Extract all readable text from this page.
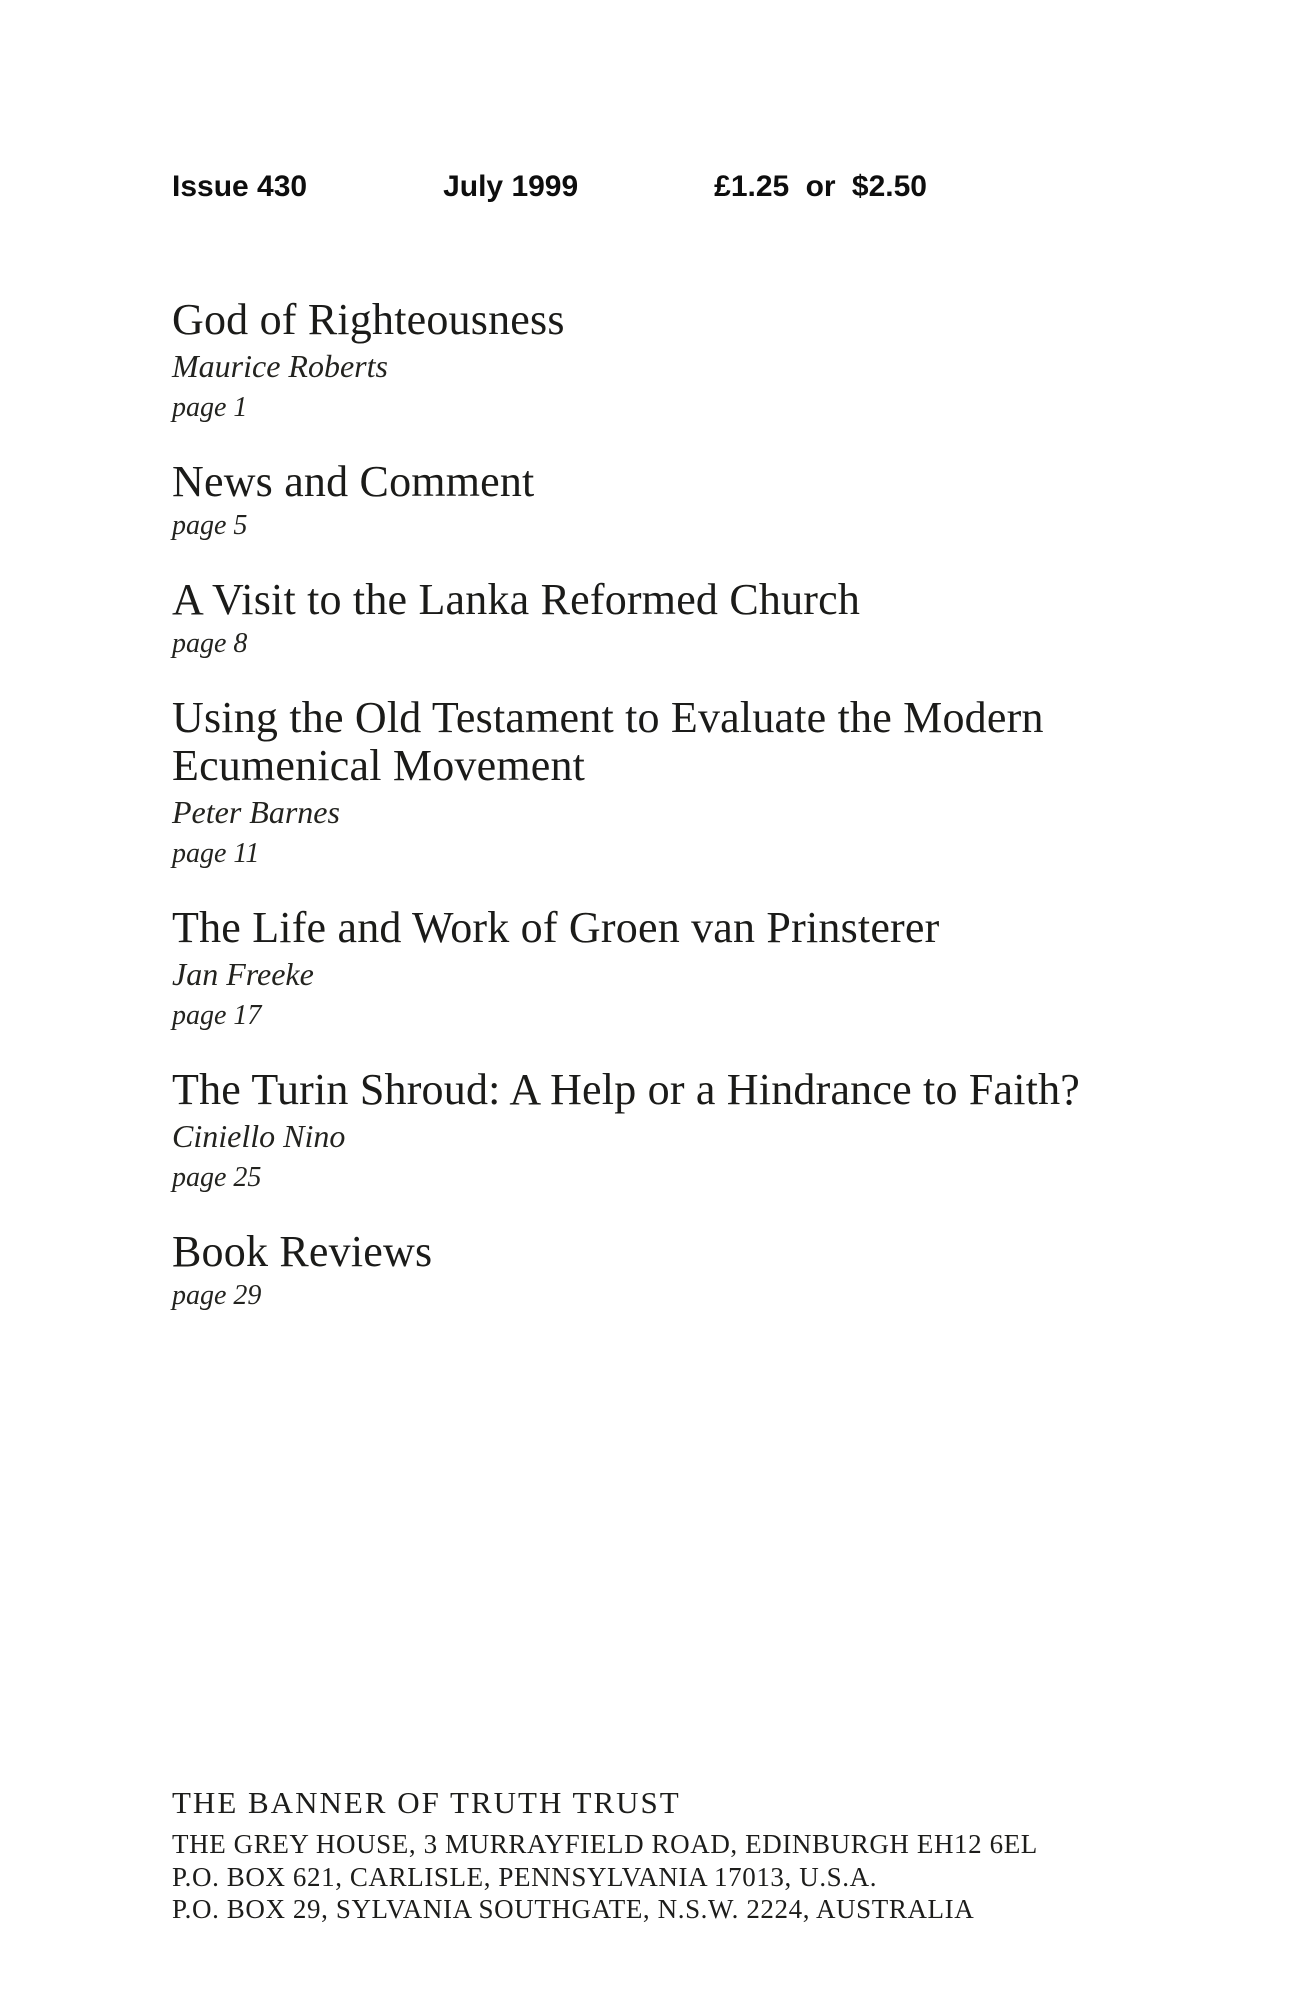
Issue 430	July 1999	£1.25 or $2.50
God of Righteousness
Maurice Roberts
page 1
News and Comment
page 5
A Visit to the Lanka Reformed Church
page 8
Using the Old Testament to Evaluate the Modern Ecumenical Movement
Peter Barnes
page 11
The Life and Work of Groen van Prinsterer
Jan Freeke
page 17
The Turin Shroud: A Help or a Hindrance to Faith?
Ciniello Nino
page 25
Book Reviews
page 29
THE BANNER OF TRUTH TRUST
THE GREY HOUSE, 3 MURRAYFIELD ROAD, EDINBURGH EH12 6EL
P.O. BOX 621, CARLISLE, PENNSYLVANIA 17013, U.S.A.
P.O. BOX 29, SYLVANIA SOUTHGATE, N.S.W. 2224, AUSTRALIA
